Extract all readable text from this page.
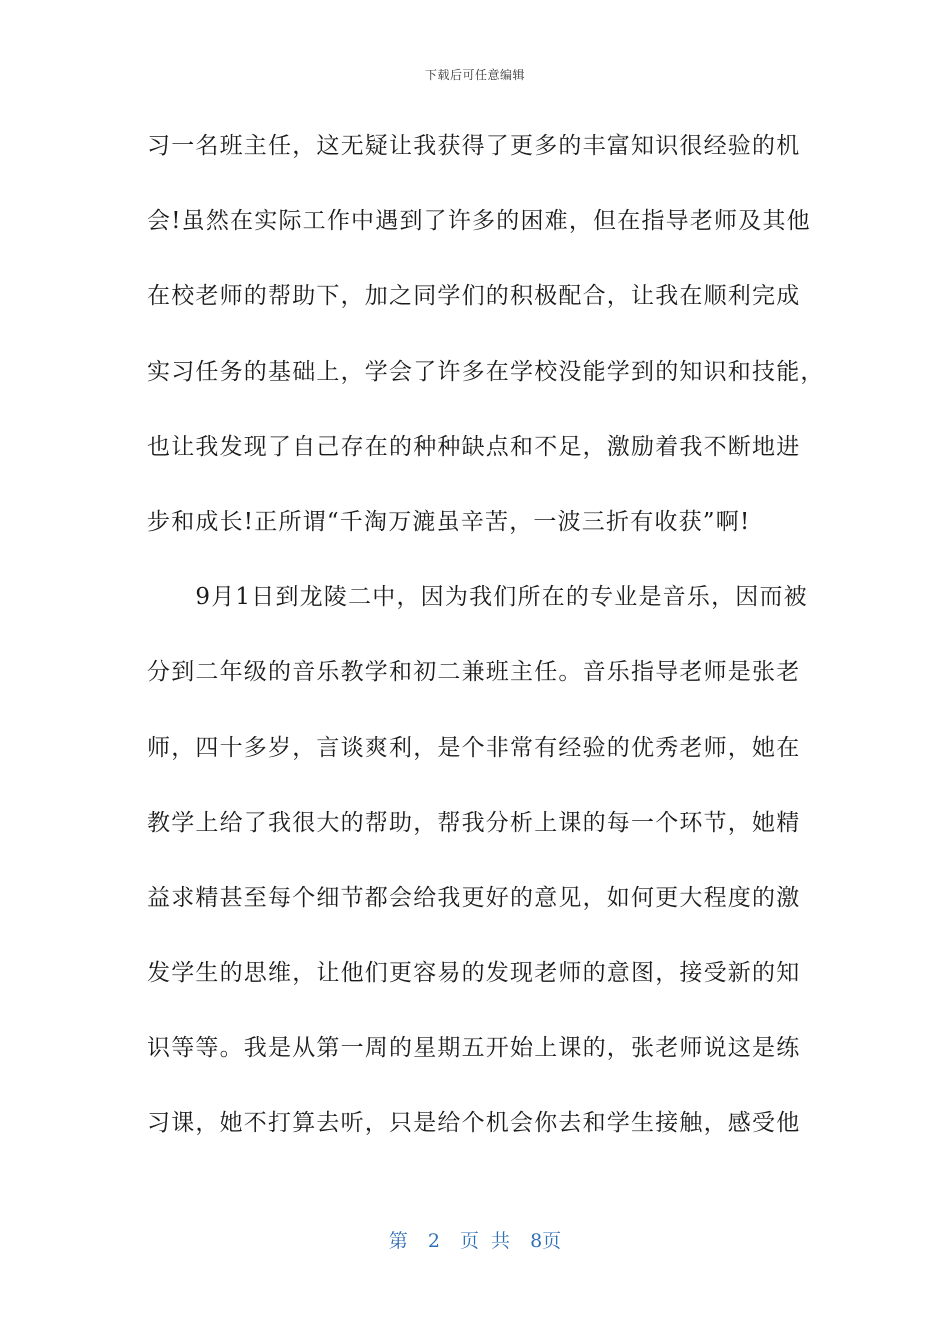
下载后可任意编辑
习一名班主任，这无疑让我获得了更多的丰富知识很经验的机
会!虽然在实际工作中遇到了许多的困难，但在指导老师及其他
在校老师的帮助下，加之同学们的积极配合，让我在顺利完成
实习任务的基础上，学会了许多在学校没能学到的知识和技能，
也让我发现了自己存在的种种缺点和不足，激励着我不断地进
步和成长!正所谓“千淘万漉虽辛苦，一波三折有收获”啊!
　　9月1日到龙陵二中，因为我们所在的专业是音乐，因而被
分到二年级的音乐教学和初二兼班主任。音乐指导老师是张老
师，四十多岁，言谈爽利，是个非常有经验的优秀老师，她在
教学上给了我很大的帮助，帮我分析上课的每一个环节，她精
益求精甚至每个细节都会给我更好的意见，如何更大程度的激
发学生的思维，让他们更容易的发现老师的意图，接受新的知
识等等。我是从第一周的星期五开始上课的，张老师说这是练
习课，她不打算去听，只是给个机会你去和学生接触，感受他
第 2 页 共 8页
